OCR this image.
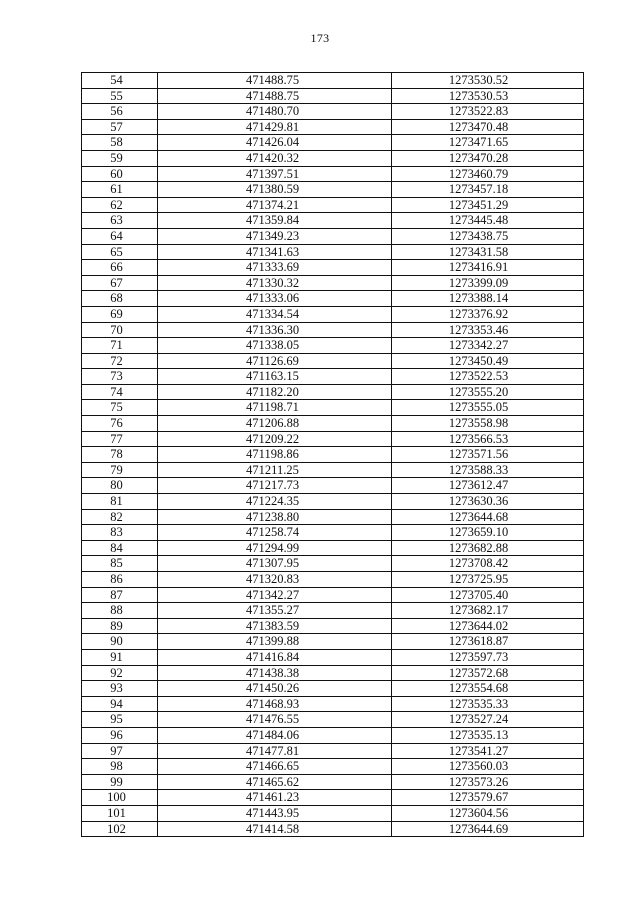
173
54	471488.75	1273530.52
55	471488.75	1273530.53
56	471480.70	1273522.83
57	471429.81	1273470.48
58	471426.04	1273471.65
59	471420.32	1273470.28
60	471397.51	1273460.79
61	471380.59	1273457.18
62	471374.21	1273451.29
63	471359.84	1273445.48
64	471349.23	1273438.75
65	471341.63	1273431.58
66	471333.69	1273416.91
67	471330.32	1273399.09
68	471333.06	1273388.14
69	471334.54	1273376.92
70	471336.30	1273353.46
71	471338.05	1273342.27
72	471126.69	1273450.49
73	471163.15	1273522.53
74	471182.20	1273555.20
75	471198.71	1273555.05
76	471206.88	1273558.98
77	471209.22	1273566.53
78	471198.86	1273571.56
79	471211.25	1273588.33
80	471217.73	1273612.47
81	471224.35	1273630.36
82	471238.80	1273644.68
83	471258.74	1273659.10
84	471294.99	1273682.88
85	471307.95	1273708.42
86	471320.83	1273725.95
87	471342.27	1273705.40
88	471355.27	1273682.17
89	471383.59	1273644.02
90	471399.88	1273618.87
91	471416.84	1273597.73
92	471438.38	1273572.68
93	471450.26	1273554.68
94	471468.93	1273535.33
95	471476.55	1273527.24
96	471484.06	1273535.13
97	471477.81	1273541.27
98	471466.65	1273560.03
99	471465.62	1273573.26
100	471461.23	1273579.67
101	471443.95	1273604.56
102	471414.58	1273644.69
